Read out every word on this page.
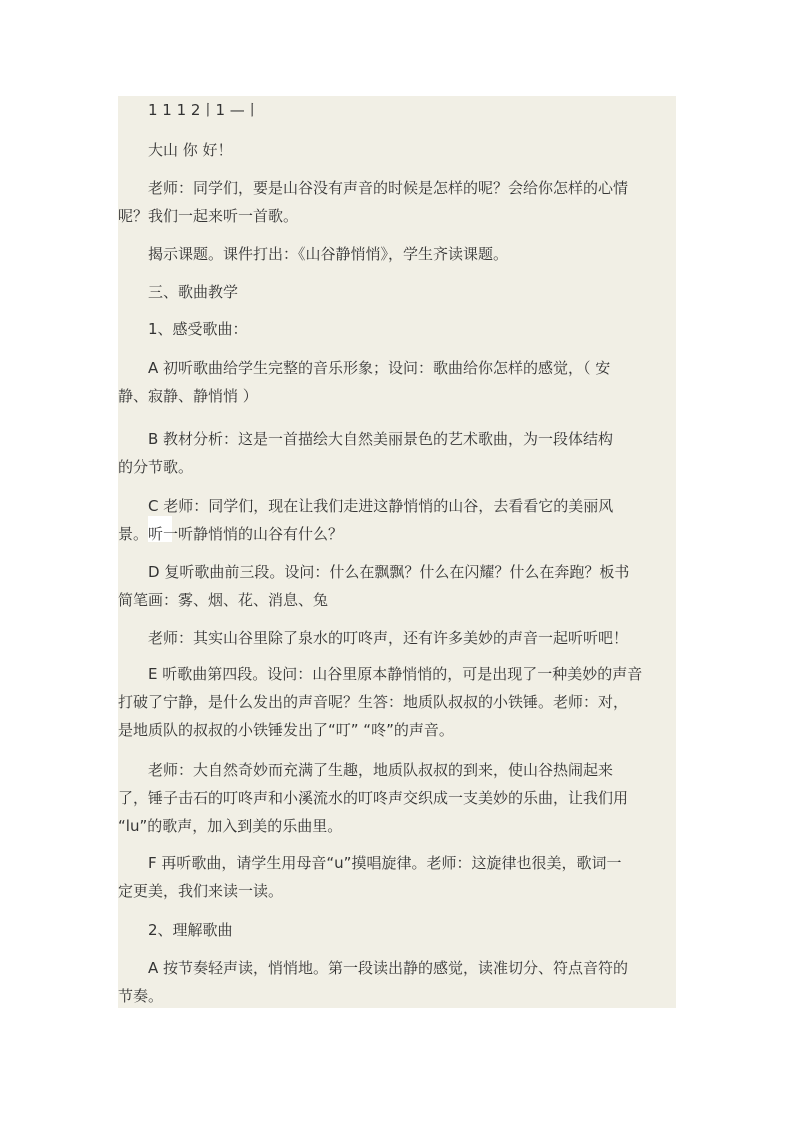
1 1 1 2丨1 —丨
大山 你 好！
老师：同学们，要是山谷没有声音的时候是怎样的呢？会给你怎样的心情
呢？我们一起来听一首歌。
揭示课题。课件打出：《山谷静悄悄》，学生齐读课题。
三、歌曲教学
1、感受歌曲：
A 初听歌曲给学生完整的音乐形象；设问：歌曲给你怎样的感觉，（ 安
静、寂静、静悄悄 ）
B 教材分析：这是一首描绘大自然美丽景色的艺术歌曲，为一段体结构
的分节歌。
C 老师：同学们，现在让我们走进这静悄悄的山谷，去看看它的美丽风
景。听一听静悄悄的山谷有什么？
D 复听歌曲前三段。设问：什么在飘飘？什么在闪耀？什么在奔跑？板书
简笔画：雾、烟、花、消息、兔
老师：其实山谷里除了泉水的叮咚声，还有许多美妙的声音一起听听吧！
E 听歌曲第四段。设问：山谷里原本静悄悄的，可是出现了一种美妙的声音
打破了宁静，是什么发出的声音呢？生答：地质队叔叔的小铁锤。老师：对，
是地质队的叔叔的小铁锤发出了“叮” “咚”的声音。
老师：大自然奇妙而充满了生趣，地质队叔叔的到来，使山谷热闹起来
了，锤子击石的叮咚声和小溪流水的叮咚声交织成一支美妙的乐曲，让我们用
“lu”的歌声，加入到美的乐曲里。
F 再听歌曲，请学生用母音“u”摸唱旋律。老师：这旋律也很美，歌词一
定更美，我们来读一读。
2、理解歌曲
A 按节奏轻声读，悄悄地。第一段读出静的感觉，读准切分、符点音符的
节奏。
